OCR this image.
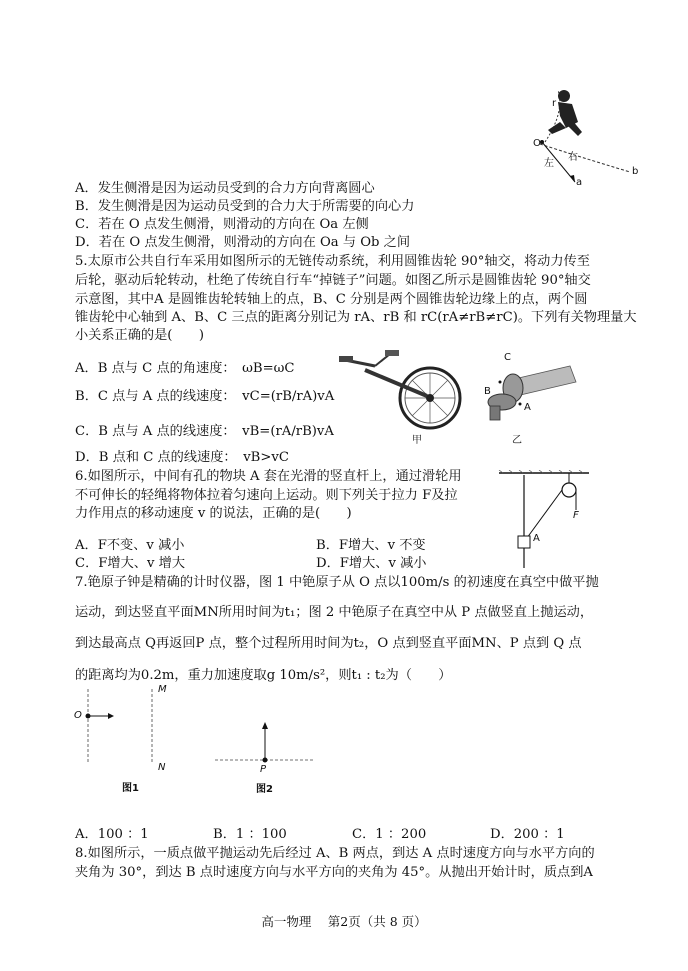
O
左
右
a
b
r
A．发生侧滑是因为运动员受到的合力方向背离圆心
B．发生侧滑是因为运动员受到的合力大于所需要的向心力
C．若在 O 点发生侧滑，则滑动的方向在 Oa 左侧
D．若在 O 点发生侧滑，则滑动的方向在 Oa 与 Ob 之间
5.太原市公共自行车采用如图所示的无链传动系统，利用圆锥齿轮 90°轴交，将动力传至
后轮，驱动后轮转动，杜绝了传统自行车“掉链子”问题。如图乙所示是圆锥齿轮 90°轴交
示意图，其中A 是圆锥齿轮转轴上的点，B、C 分别是两个圆锥齿轮边缘上的点，两个圆
锥齿轮中心轴到 A、B、C 三点的距离分别记为 rA、rB 和 rC(rA≠rB≠rC)。下列有关物理量大
小关系正确的是(　　)
A．B 点与 C 点的角速度：　ωB=ωC
B．C 点与 A 点的线速度：　vC=(rB/rA)vA
C．B 点与 A 点的线速度：　vB=(rA/rB)vA
D．B 点和 C 点的线速度：　vB>vC
甲
C
B
A
乙
6.如图所示，中间有孔的物块 A 套在光滑的竖直杆上，通过滑轮用
不可伸长的轻绳将物体拉着匀速向上运动。则下列关于拉力 F及拉
力作用点的移动速度 v 的说法，正确的是(　　)
A．F不变、v 减小	B．F增大、v 不变
C．F增大、v 增大	D．F增大、v 减小
A
F
7.铯原子钟是精确的计时仪器，图 1 中铯原子从 O 点以100m/s 的初速度在真空中做平抛
运动，到达竖直平面MN所用时间为t₁；图 2 中铯原子在真空中从 P 点做竖直上抛运动，
到达最高点 Q再返回P 点，整个过程所用时间为t₂，O 点到竖直平面MN、P 点到 Q 点
的距离均为0.2m，重力加速度取g 10m/s²，则t₁ : t₂为（　　）
O
M
N
图1
P
图2
A．100 ：1	B．1 ：100	C．1 ：200	D．200 ：1
8.如图所示，一质点做平抛运动先后经过 A、B 两点，到达 A 点时速度方向与水平方向的
夹角为 30°，到达 B 点时速度方向与水平方向的夹角为 45°。从抛出开始计时，质点到A
高一物理　 第2页（共 8 页）
